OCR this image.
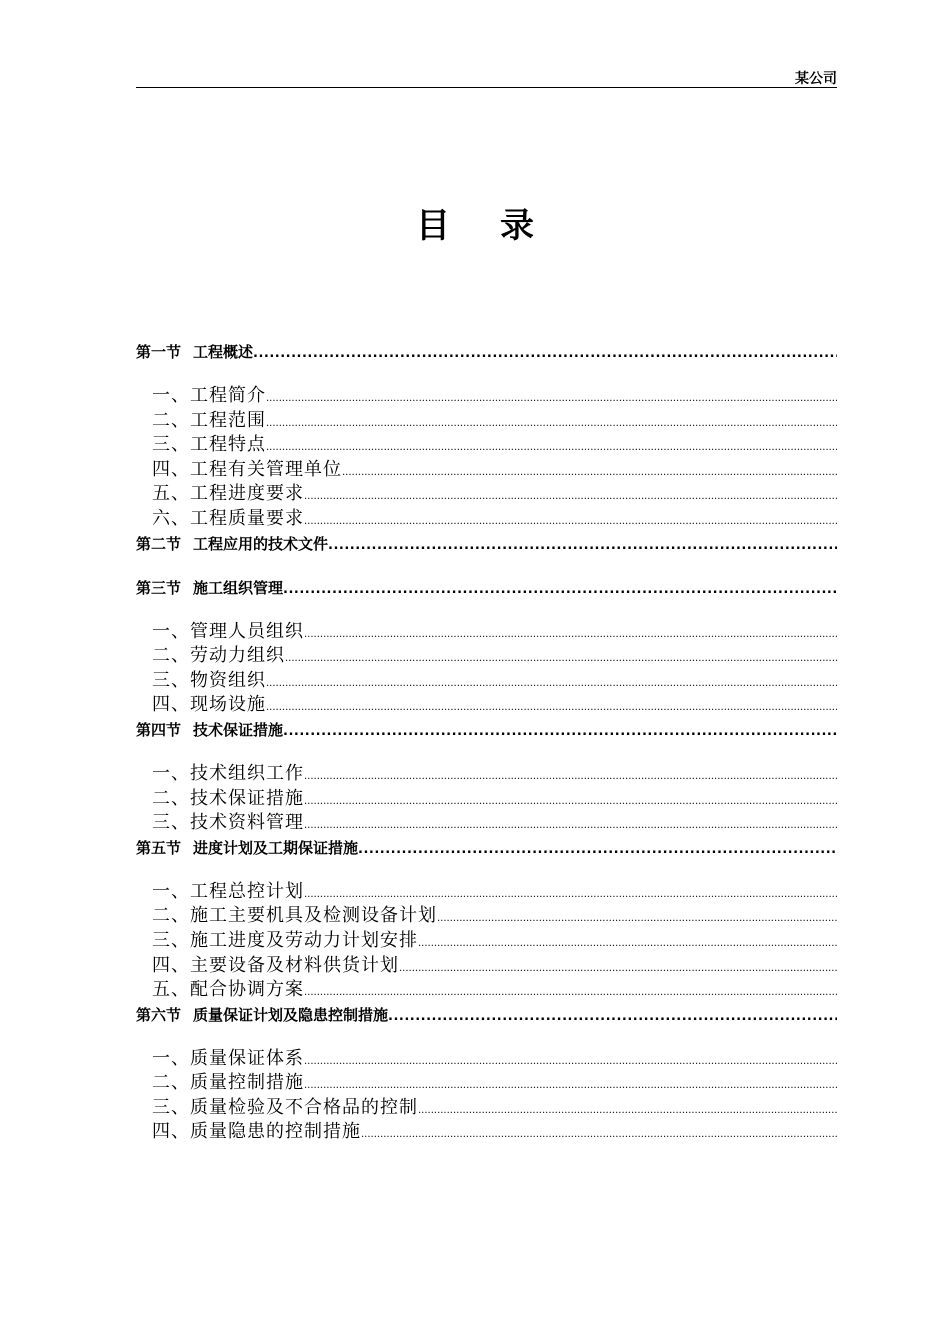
某公司
目录
第一节 工程概述
.....
一、工程简介
.....
二、工程范围
.....
三、工程特点
.....
四、工程有关管理单位
.....
五、工程进度要求
.....
六、工程质量要求
.....
第二节 工程应用的技术文件
.....
第三节 施工组织管理
.....
一、管理人员组织
.....
二、劳动力组织
.....
三、物资组织
.....
四、现场设施
.....
第四节 技术保证措施
.....
一、技术组织工作
.....
二、技术保证措施
.....
三、技术资料管理
.....
第五节 进度计划及工期保证措施
.....
一、工程总控计划
.....
二、施工主要机具及检测设备计划
.....
三、施工进度及劳动力计划安排
.....
四、主要设备及材料供货计划
.....
五、配合协调方案
.....
第六节 质量保证计划及隐患控制措施
.....
一、质量保证体系
.....
二、质量控制措施
.....
三、质量检验及不合格品的控制
.....
四、质量隐患的控制措施
.....
